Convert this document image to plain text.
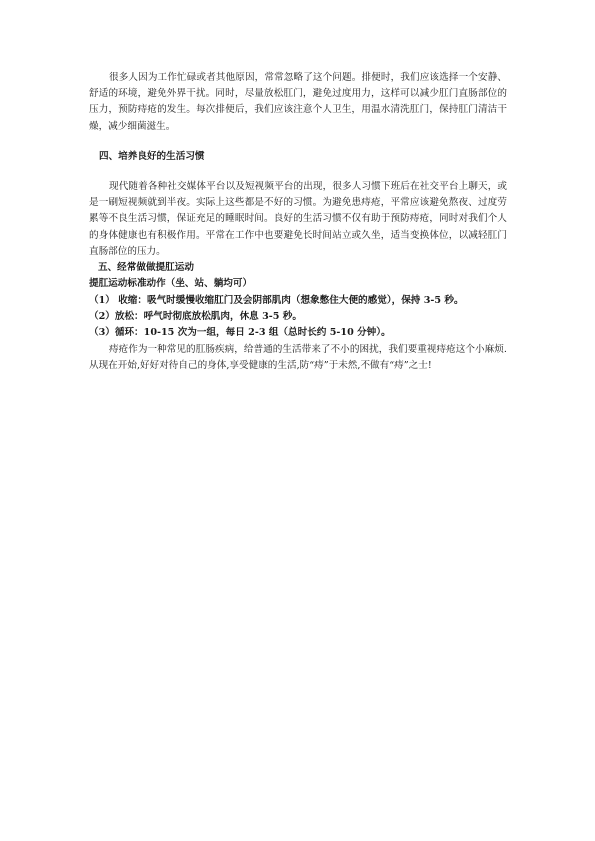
很多人因为工作忙碌或者其他原因，常常忽略了这个问题。排便时，我们应该选择一个安静、舒适的环境，避免外界干扰。同时，尽量放松肛门，避免过度用力，这样可以减少肛门直肠部位的压力，预防痔疮的发生。每次排便后，我们应该注意个人卫生，用温水清洗肛门，保持肛门清洁干燥，减少细菌滋生。

四、培养良好的生活习惯

现代随着各种社交媒体平台以及短视频平台的出现，很多人习惯下班后在社交平台上聊天，或是一刷短视频就到半夜。实际上这些都是不好的习惯。为避免患痔疮，平常应该避免熬夜、过度劳累等不良生活习惯，保证充足的睡眠时间。良好的生活习惯不仅有助于预防痔疮，同时对我们个人的身体健康也有积极作用。平常在工作中也要避免长时间站立或久坐，适当变换体位，以减轻肛门直肠部位的压力。

五、经常做做提肛运动

提肛运动标准动作（坐、站、躺均可）

（1） 收缩：吸气时缓慢收缩肛门及会阴部肌肉（想象憋住大便的感觉），保持 3-5 秒。

（2）放松：呼气时彻底放松肌肉，休息 3-5 秒。

（3）循环：10-15 次为一组，每日 2-3 组（总时长约 5-10 分钟）。

痔疮作为一种常见的肛肠疾病，给普通的生活带来了不小的困扰，我们要重视痔疮这个小麻烦.从现在开始,好好对待自己的身体,享受健康的生活,防“痔”于未然,不做有“痔”之士!
